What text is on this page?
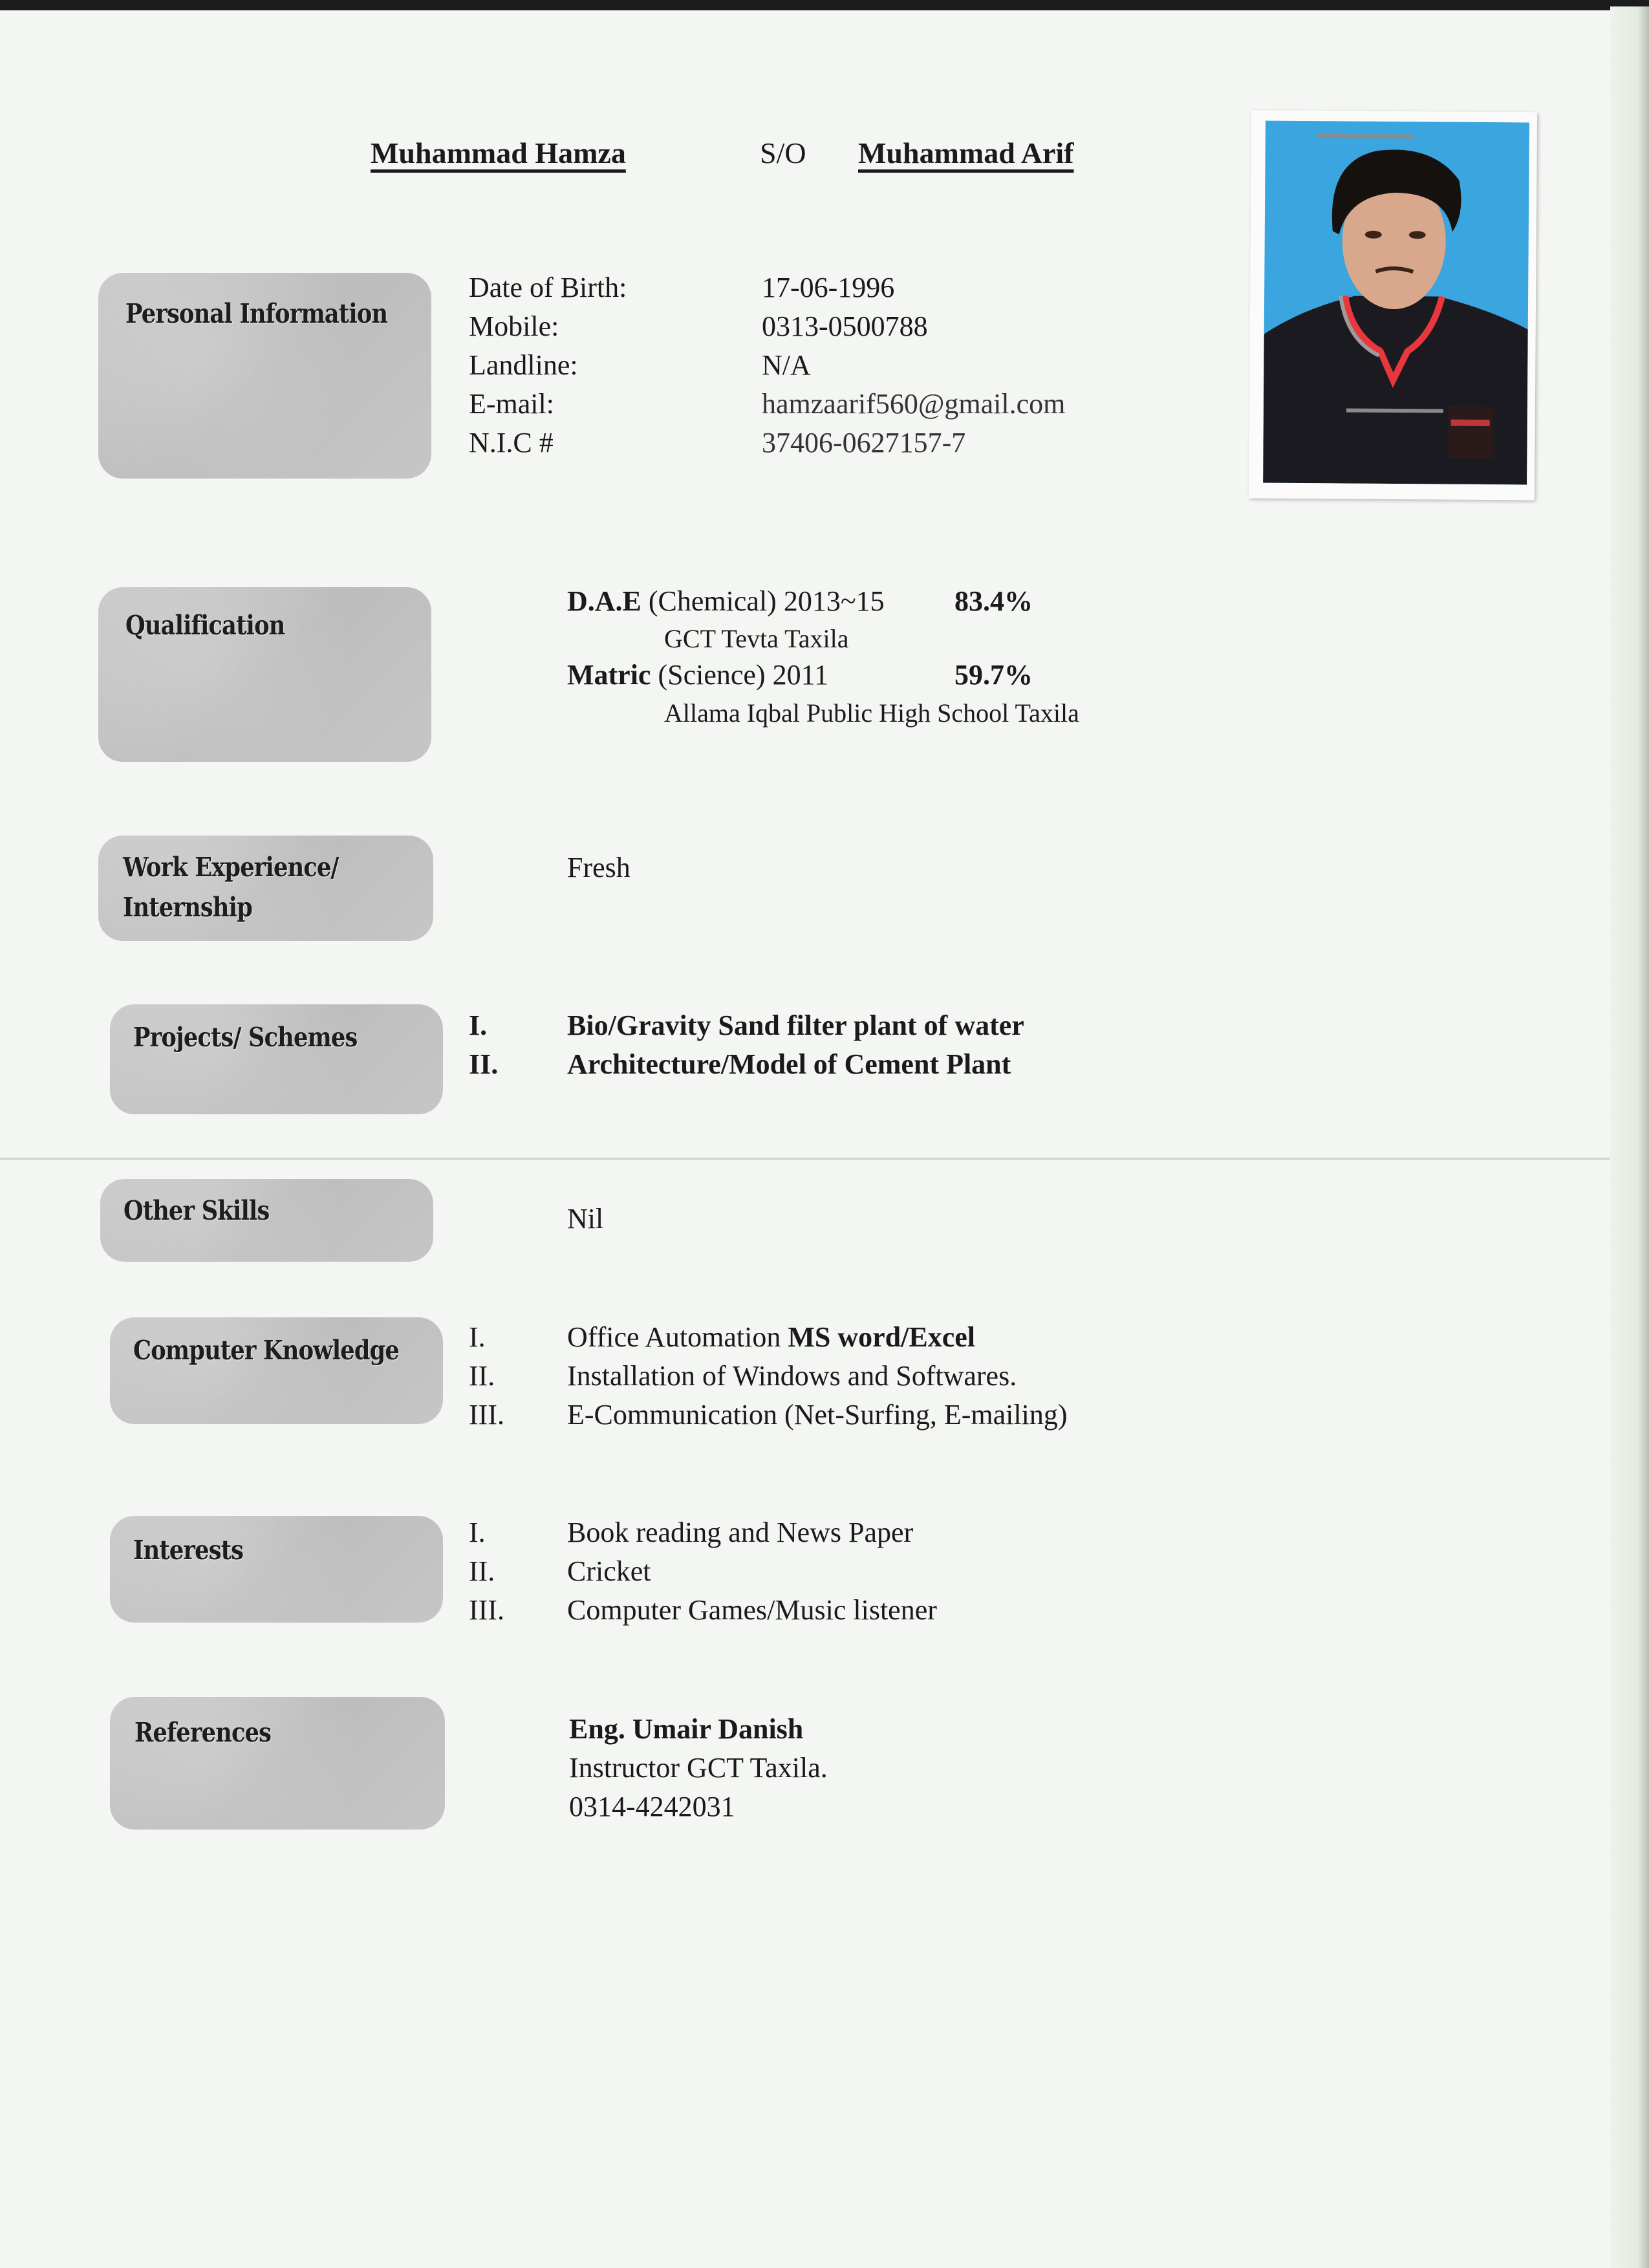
Muhammad Hamza	S/O Muhammad Arif
Personal Information
Date of Birth:	17-06-1996
Mobile:	0313-0500788
Landline:	N/A
E-mail:	hamzaarif560@gmail.com
N.I.C #	37406-0627157-7
Qualification
D.A.E (Chemical) 2013~15 83.4%
GCT Tevta Taxila
Matric (Science) 2011	59.7%
Allama Iqbal Public High School Taxila
Work Experience/
Internship
Fresh
Projects/ Schemes	I.	Bio/Gravity Sand filter plant of water
II. Architecture/Model of Cement Plant
Other Skills	Nil
Computer Knowledge I.	Office Automation MS word/Excel
II.	Installation of Windows and Softwares.
III. E-Communication (Net-Surfing, E-mailing)
Interests
I.	Book reading and News Paper
II.	Cricket
III. Computer Games/Music listener
References	Eng. Umair Danish
Instructor GCT Taxila.
0314-4242031
